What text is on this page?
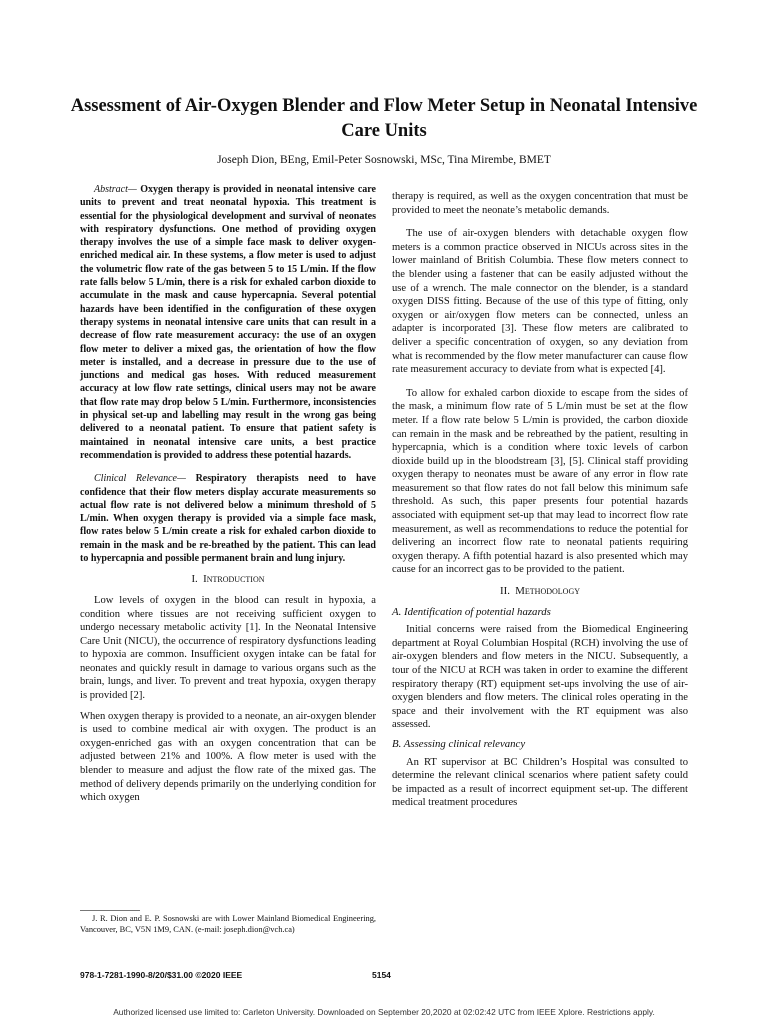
Assessment of Air-Oxygen Blender and Flow Meter Setup in Neonatal Intensive Care Units
Joseph Dion, BEng, Emil-Peter Sosnowski, MSc, Tina Mirembe, BMET

Abstract— Oxygen therapy is provided in neonatal intensive care units to prevent and treat neonatal hypoxia. This treatment is essential for the physiological development and survival of neonates with respiratory dysfunctions. One method of providing oxygen therapy involves the use of a simple face mask to deliver oxygen-enriched medical air. In these systems, a flow meter is used to adjust the volumetric flow rate of the gas between 5 to 15 L/min. If the flow rate falls below 5 L/min, there is a risk for exhaled carbon dioxide to accumulate in the mask and cause hypercapnia. Several potential hazards have been identified in the configuration of these oxygen therapy systems in neonatal intensive care units that can result in a decrease of flow rate measurement accuracy: the use of an oxygen flow meter to deliver a mixed gas, the orientation of how the flow meter is installed, and a decrease in pressure due to the use of junctions and medical gas hoses. With reduced measurement accuracy at low flow rate settings, clinical users may not be aware that flow rate may drop below 5 L/min. Furthermore, inconsistencies in physical set-up and labelling may result in the wrong gas being delivered to a neonatal patient. To ensure that patient safety is maintained in neonatal intensive care units, a best practice recommendation is provided to address these potential hazards.

Clinical Relevance— Respiratory therapists need to have confidence that their flow meters display accurate measurements so actual flow rate is not delivered below a minimum threshold of 5 L/min. When oxygen therapy is provided via a simple face mask, flow rates below 5 L/min create a risk for exhaled carbon dioxide to remain in the mask and be re-breathed by the patient. This can lead to hypercapnia and possible permanent brain and lung injury.

I. Introduction

Low levels of oxygen in the blood can result in hypoxia, a condition where tissues are not receiving sufficient oxygen to undergo necessary metabolic activity [1]. In the Neonatal Intensive Care Unit (NICU), the occurrence of respiratory dysfunctions leading to hypoxia are common. Insufficient oxygen intake can be fatal for neonates and quickly result in damage to various organs such as the brain, lungs, and liver. To prevent and treat hypoxia, oxygen therapy is provided [2].

When oxygen therapy is provided to a neonate, an air-oxygen blender is used to combine medical air with oxygen. The product is an oxygen-enriched gas with an oxygen concentration that can be adjusted between 21% and 100%. A flow meter is used with the blender to measure and adjust the flow rate of the mixed gas. The method of delivery depends primarily on the underlying condition for which oxygen

therapy is required, as well as the oxygen concentration that must be provided to meet the neonate’s metabolic demands.

The use of air-oxygen blenders with detachable oxygen flow meters is a common practice observed in NICUs across sites in the lower mainland of British Columbia. These flow meters connect to the blender using a fastener that can be easily adjusted without the use of a wrench. The male connector on the blender, is a standard oxygen DISS fitting. Because of the use of this type of fitting, only oxygen or air/oxygen flow meters can be connected, unless an adapter is incorporated [3]. These flow meters are calibrated to deliver a specific concentration of oxygen, so any deviation from what is recommended by the flow meter manufacturer can cause flow rate measurement accuracy to deviate from what is expected [4].

To allow for exhaled carbon dioxide to escape from the sides of the mask, a minimum flow rate of 5 L/min must be set at the flow meter. If a flow rate below 5 L/min is provided, the carbon dioxide can remain in the mask and be rebreathed by the patient, resulting in hypercapnia, which is a condition where toxic levels of carbon dioxide build up in the bloodstream [3], [5]. Clinical staff providing oxygen therapy to neonates must be aware of any error in flow rate measurement so that flow rates do not fall below this minimum safe threshold. As such, this paper presents four potential hazards associated with equipment set-up that may lead to incorrect flow rate measurement, as well as recommendations to reduce the potential for delivering an incorrect flow rate to neonatal patients requiring oxygen therapy. A fifth potential hazard is also presented which may cause for an incorrect gas to be provided to the patient.

II. Methodology

A. Identification of potential hazards

Initial concerns were raised from the Biomedical Engineering department at Royal Columbian Hospital (RCH) involving the use of air-oxygen blenders and flow meters in the NICU. Subsequently, a tour of the NICU at RCH was taken in order to examine the different respiratory therapy (RT) equipment set-ups involving the use of air-oxygen blenders and flow meters. The clinical roles operating in the space and their involvement with the RT equipment was also assessed.

B. Assessing clinical relevancy

An RT supervisor at BC Children’s Hospital was consulted to determine the relevant clinical scenarios where patient safety could be impacted as a result of incorrect equipment set-up. The different medical treatment procedures

J. R. Dion and E. P. Sosnowski are with Lower Mainland Biomedical Engineering, Vancouver, BC, V5N 1M9, CAN. (e-mail: joseph.dion@vch.ca)
978-1-7281-1990-8/20/$31.00 ©2020 IEEE	5154
Authorized licensed use limited to: Carleton University. Downloaded on September 20,2020 at 02:02:42 UTC from IEEE Xplore. Restrictions apply.
